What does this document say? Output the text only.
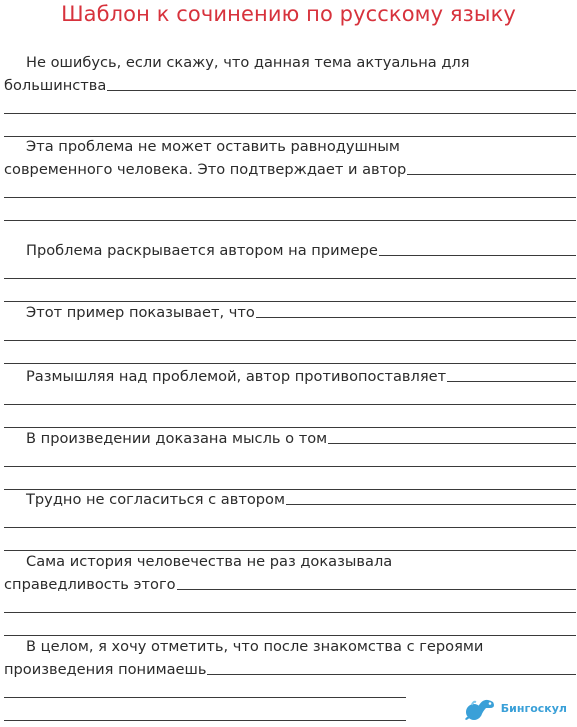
Шаблон к сочинению по русскому языку
Не ошибусь, если скажу, что данная тема актуальна для
большинства
Эта проблема не может оставить равнодушным
современного человека. Это подтверждает и автор
Проблема раскрывается автором на примере
Этот пример показывает, что
Размышляя над проблемой, автор противопоставляет
В произведении доказана мысль о том
Трудно не согласиться с автором
Сама история человечества не раз доказывала
справедливость этого
В целом, я хочу отметить, что после знакомства с героями
произведения понимаешь
Бингоскул
